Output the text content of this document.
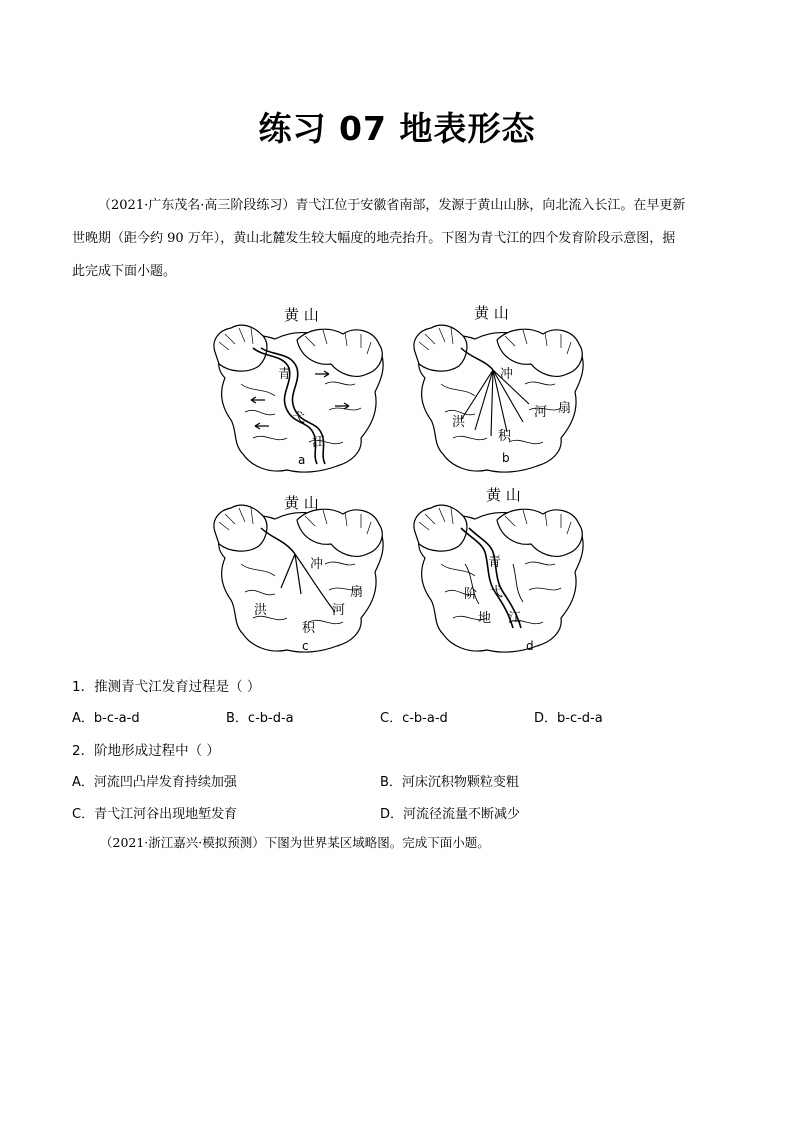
练习 07 地表形态
（2021·广东茂名·高三阶段练习）青弋江位于安徽省南部，发源于黄山山脉，向北流入长江。在早更新
世晚期（距今约 90 万年），黄山北麓发生较大幅度的地壳抬升。下图为青弋江的四个发育阶段示意图，据
此完成下面小题。
黄 山	黄 山
黄 山	黄 山
青
弋
江
a
冲
洪
积
扇
河
b
冲
洪
积
扇
河
c
青
弋
江
阶
地
d
1．推测青弋江发育过程是（ ）
A．b-c-a-d	B．c-b-d-a	C．c-b-a-d	D．b-c-d-a
2．阶地形成过程中（ ）
A．河流凹凸岸发育持续加强	B．河床沉积物颗粒变粗
C．青弋江河谷出现地堑发育	D．河流径流量不断减少
（2021·浙江嘉兴·模拟预测）下图为世界某区域略图。完成下面小题。
